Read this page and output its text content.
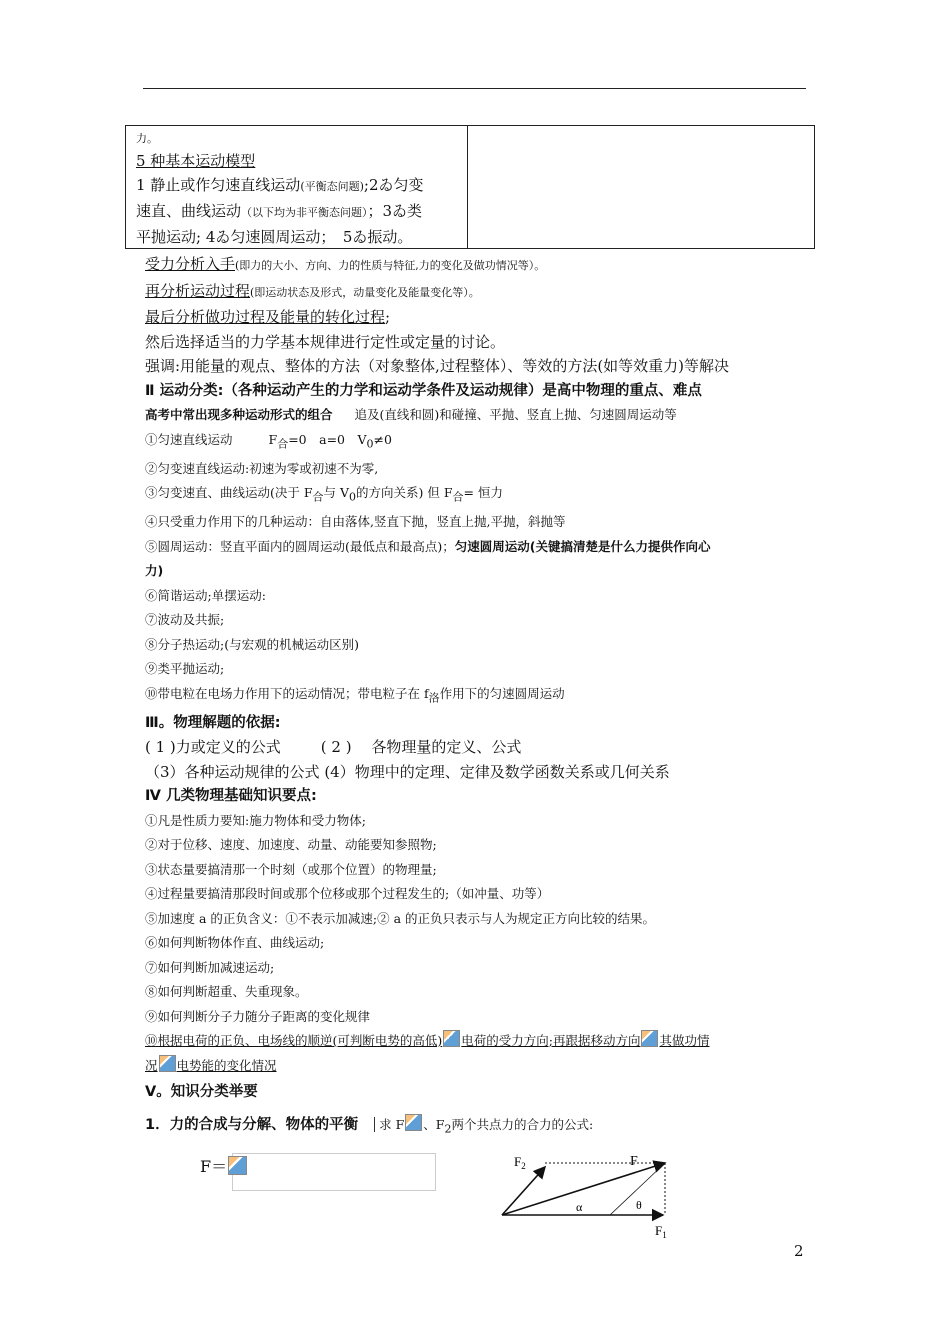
力。
5 种基本运动模型
1 静止或作匀速直线运动(平衡态问题);2ゐ匀变
速直、曲线运动（以下均为非平衡态问题）；3ゐ类
平抛运动; 4ゐ匀速圆周运动；　5ゐ振动。
受力分析入手(即力的大小、方向、力的性质与特征,力的变化及做功情况等）。
再分析运动过程(即运动状态及形式，动量变化及能量变化等）。
最后分析做功过程及能量的转化过程;
然后选择适当的力学基本规律进行定性或定量的讨论。
强调:用能量的观点、整体的方法（对象整体,过程整体）、等效的方法(如等效重力)等解决
Ⅱ 运动分类:（各种运动产生的力学和运动学条件及运动规律）是高中物理的重点、难点
高考中常出现多种运动形式的组合 追及(直线和圆)和碰撞、平抛、竖直上抛、匀速圆周运动等
①匀速直线运动	$F_合=0$　a=0　$V_0\ne 0$
②匀变速直线运动:初速为零或初速不为零,
③匀变速直、曲线运动(决于 $F_合$与 $V_0$的方向关系) 但 $F_合=$ 恒力
④只受重力作用下的几种运动：自由落体,竖直下抛，竖直上抛,平抛，斜抛等
⑤圆周运动：竖直平面内的圆周运动(最低点和最高点)；匀速圆周运动(关键搞清楚是什么力提供作向心
力)
⑥简谐运动;单摆运动:
⑦波动及共振;
⑧分子热运动;(与宏观的机械运动区别)
⑨类平抛运动;
⑩带电粒在电场力作用下的运动情况；带电粒子在 $f_洛$作用下的匀速圆周运动
Ⅲ。物理解题的依据:
( 1 )力或定义的公式	( 2 )　 各物理量的定义、公式
（3）各种运动规律的公式 (4）物理中的定理、定律及数学函数关系或几何关系
Ⅳ 几类物理基础知识要点:
①凡是性质力要知:施力物体和受力物体;
②对于位移、速度、加速度、动量、动能要知参照物;
③状态量要搞清那一个时刻（或那个位置）的物理量;
④过程量要搞清那段时间或那个位移或那个过程发生的;（如冲量、功等）
⑤加速度 a 的正负含义：①不表示加减速;② a 的正负只表示与人为规定正方向比较的结果。
⑥如何判断物体作直、曲线运动;
⑦如何判断加减速运动;
⑧如何判断超重、失重现象。
⑨如何判断分子力随分子距离的变化规律
⑩根据电荷的正负、电场线的顺逆(可判断电势的高低) 电荷的受力方向;再跟据移动方向 其做功情
况 电势能的变化情况
Ⅴ。知识分类举要
1．力的合成与分解、物体的平衡 求 F 、$F_2$两个共点力的合力的公式:
F＝	$F_2$	F
α	θ
$F_1$
2
